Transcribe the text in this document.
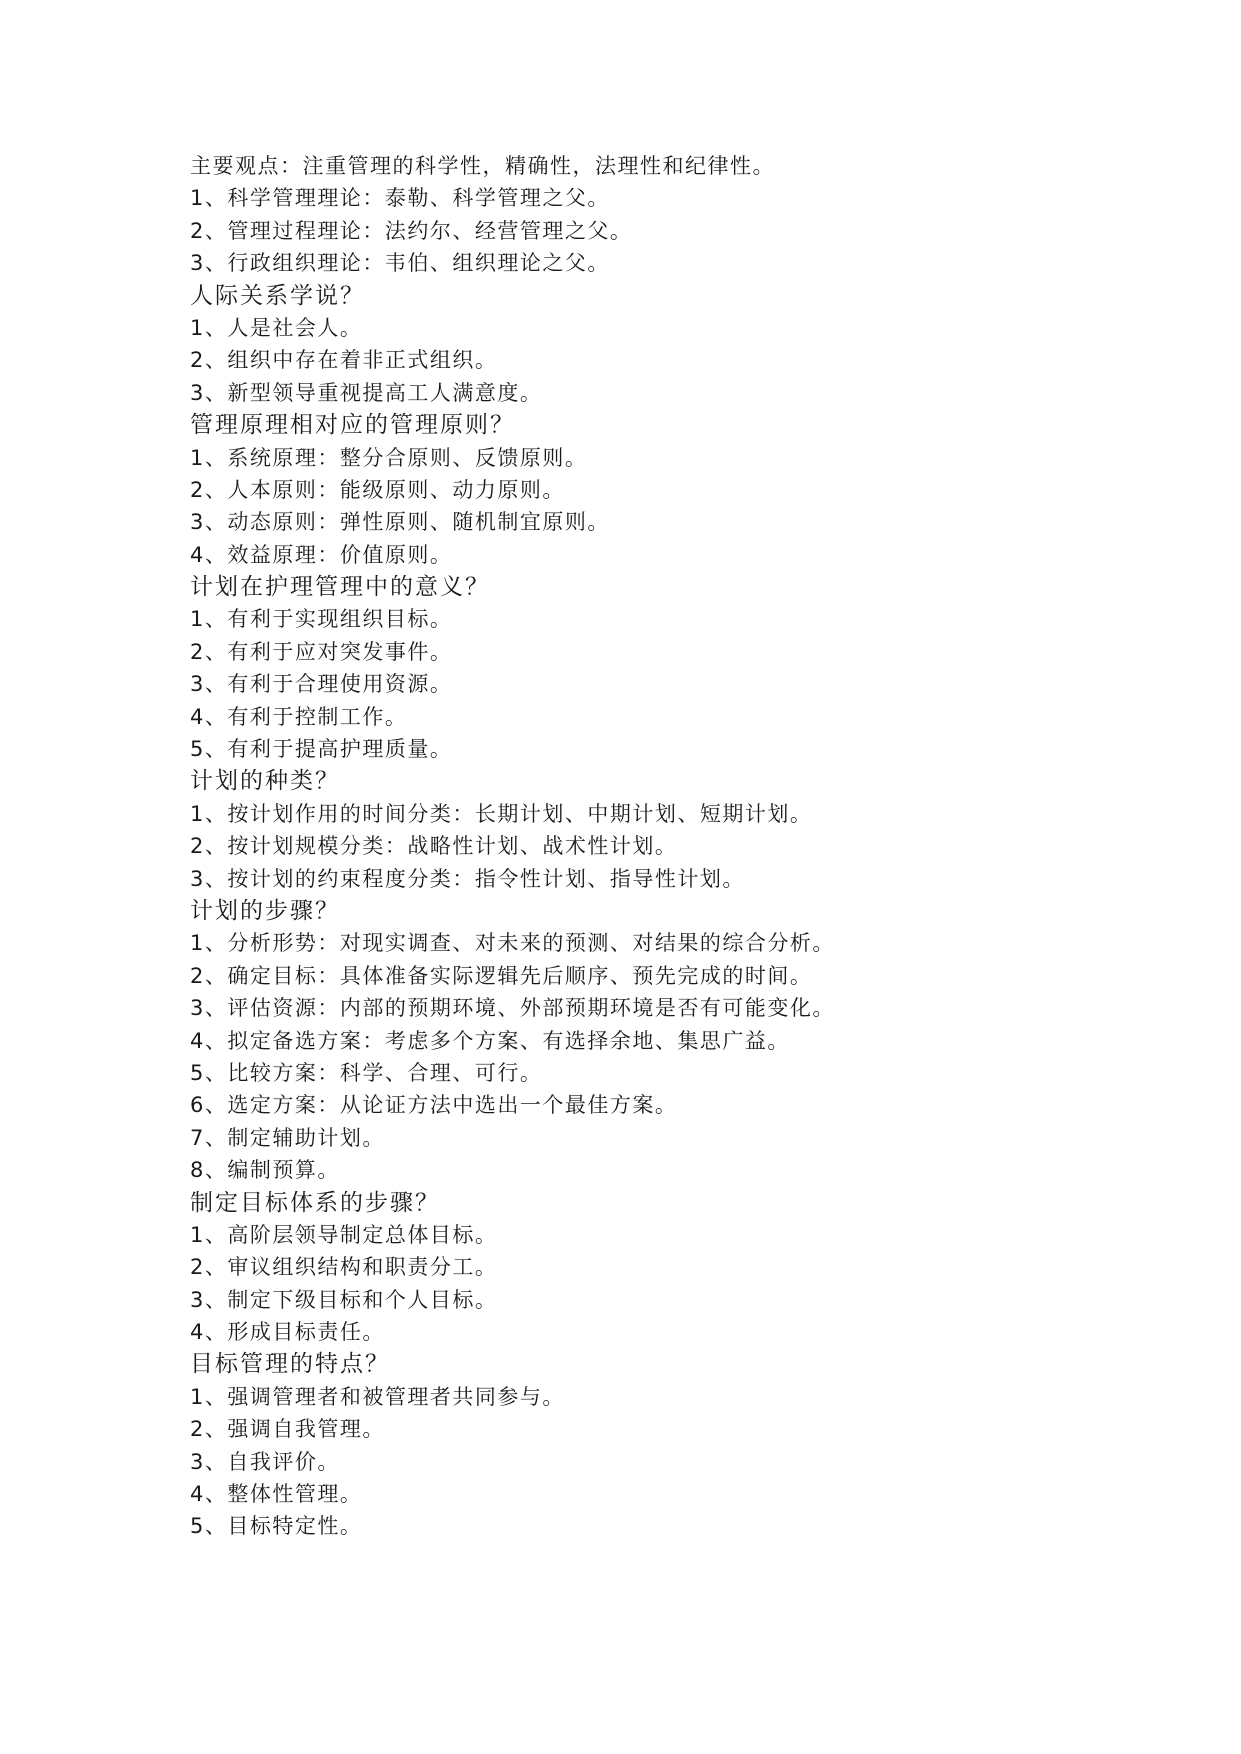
主要观点：注重管理的科学性，精确性，法理性和纪律性。
1、科学管理理论：泰勒、科学管理之父。
2、管理过程理论：法约尔、经营管理之父。
3、行政组织理论：韦伯、组织理论之父。
人际关系学说？
1、人是社会人。
2、组织中存在着非正式组织。
3、新型领导重视提高工人满意度。
管理原理相对应的管理原则？
1、系统原理：整分合原则、反馈原则。
2、人本原则：能级原则、动力原则。
3、动态原则：弹性原则、随机制宜原则。
4、效益原理：价值原则。
计划在护理管理中的意义？
1、有利于实现组织目标。
2、有利于应对突发事件。
3、有利于合理使用资源。
4、有利于控制工作。
5、有利于提高护理质量。
计划的种类？
1、按计划作用的时间分类：长期计划、中期计划、短期计划。
2、按计划规模分类：战略性计划、战术性计划。
3、按计划的约束程度分类：指令性计划、指导性计划。
计划的步骤？
1、分析形势：对现实调查、对未来的预测、对结果的综合分析。
2、确定目标：具体准备实际逻辑先后顺序、预先完成的时间。
3、评估资源：内部的预期环境、外部预期环境是否有可能变化。
4、拟定备选方案：考虑多个方案、有选择余地、集思广益。
5、比较方案：科学、合理、可行。
6、选定方案：从论证方法中选出一个最佳方案。
7、制定辅助计划。
8、编制预算。
制定目标体系的步骤？
1、高阶层领导制定总体目标。
2、审议组织结构和职责分工。
3、制定下级目标和个人目标。
4、形成目标责任。
目标管理的特点？
1、强调管理者和被管理者共同参与。
2、强调自我管理。
3、自我评价。
4、整体性管理。
5、目标特定性。
